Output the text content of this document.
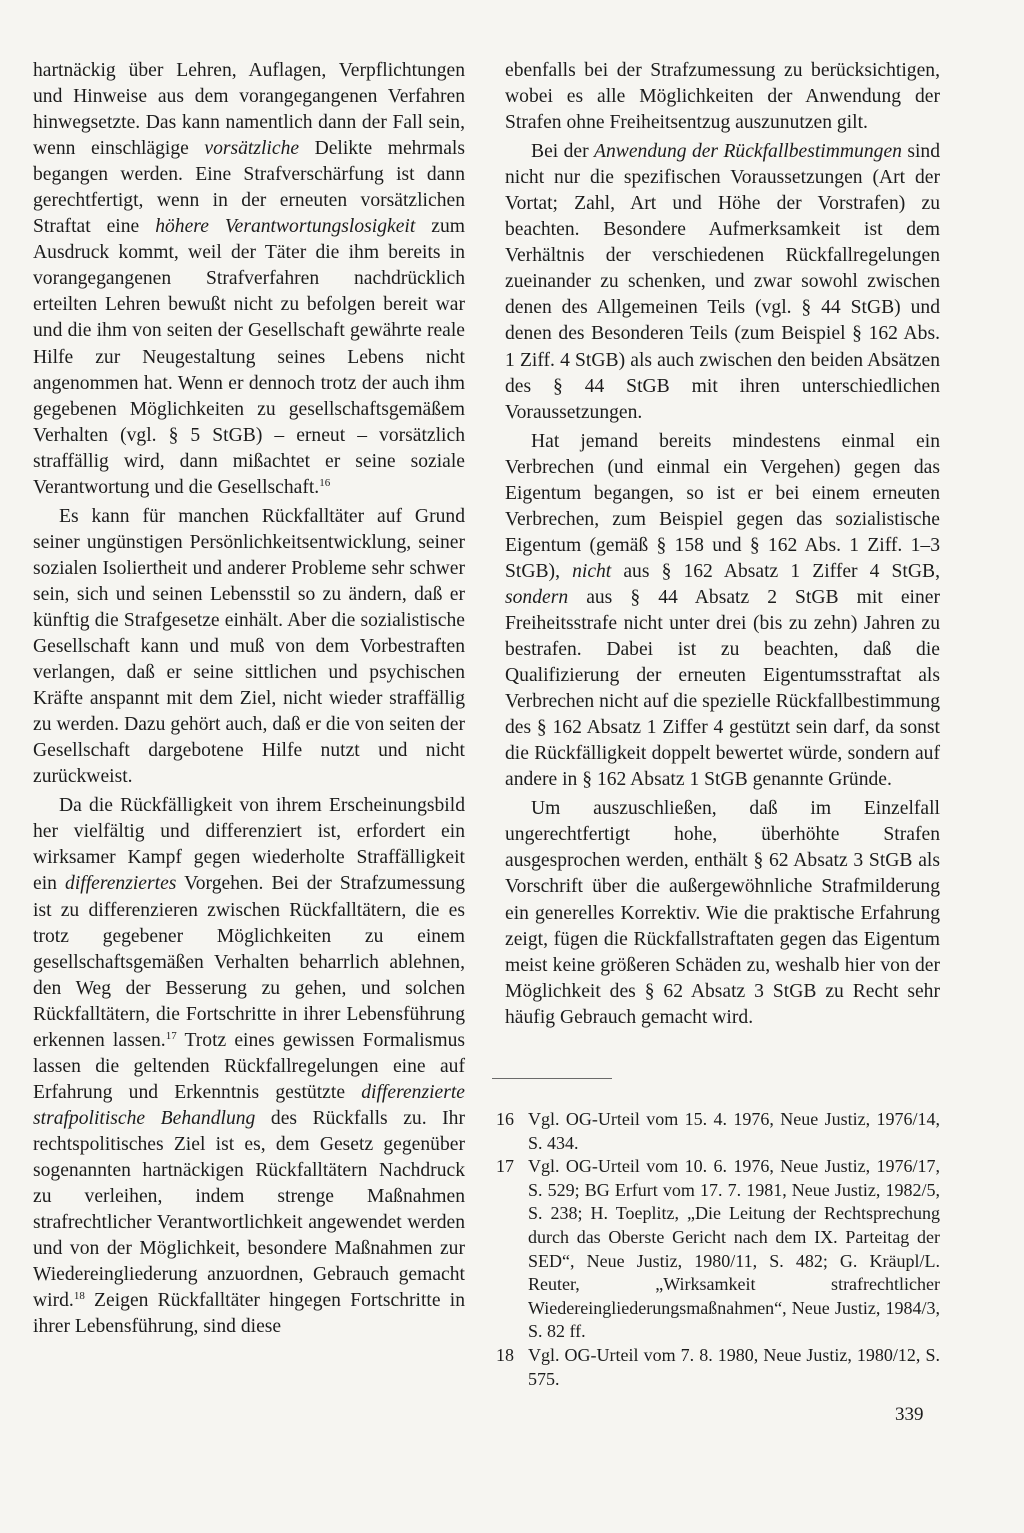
hartnäckig über Lehren, Auflagen, Verpflichtungen und Hinweise aus dem vorangegangenen Verfahren hinwegsetzte. Das kann namentlich dann der Fall sein, wenn einschlägige vorsätzliche Delikte mehrmals begangen werden. Eine Strafverschärfung ist dann gerechtfertigt, wenn in der erneuten vorsätzlichen Straftat eine höhere Verantwortungslosigkeit zum Ausdruck kommt, weil der Täter die ihm bereits in vorangegangenen Strafverfahren nachdrücklich erteilten Lehren bewußt nicht zu befolgen bereit war und die ihm von seiten der Gesellschaft gewährte reale Hilfe zur Neugestaltung seines Lebens nicht angenommen hat. Wenn er dennoch trotz der auch ihm gegebenen Möglichkeiten zu gesellschaftsgemäßem Verhalten (vgl. § 5 StGB) – erneut – vorsätzlich straffällig wird, dann mißachtet er seine soziale Verantwortung und die Gesellschaft.$^{16}$

Es kann für manchen Rückfalltäter auf Grund seiner ungünstigen Persönlichkeitsentwicklung, seiner sozialen Isoliertheit und anderer Probleme sehr schwer sein, sich und seinen Lebensstil so zu ändern, daß er künftig die Strafgesetze einhält. Aber die sozialistische Gesellschaft kann und muß von dem Vorbestraften verlangen, daß er seine sittlichen und psychischen Kräfte anspannt mit dem Ziel, nicht wieder straffällig zu werden. Dazu gehört auch, daß er die von seiten der Gesellschaft dargebotene Hilfe nutzt und nicht zurückweist.

Da die Rückfälligkeit von ihrem Erscheinungsbild her vielfältig und differenziert ist, erfordert ein wirksamer Kampf gegen wiederholte Straffälligkeit ein differenziertes Vorgehen. Bei der Strafzumessung ist zu differenzieren zwischen Rückfalltätern, die es trotz gegebener Möglichkeiten zu einem gesellschaftsgemäßen Verhalten beharrlich ablehnen, den Weg der Besserung zu gehen, und solchen Rückfalltätern, die Fortschritte in ihrer Lebensführung erkennen lassen.$^{17}$ Trotz eines gewissen Formalismus lassen die geltenden Rückfallregelungen eine auf Erfahrung und Erkenntnis gestützte differenzierte strafpolitische Behandlung des Rückfalls zu. Ihr rechtspolitisches Ziel ist es, dem Gesetz gegenüber sogenannten hartnäckigen Rückfalltätern Nachdruck zu verleihen, indem strenge Maßnahmen strafrechtlicher Verantwortlichkeit angewendet werden und von der Möglichkeit, besondere Maßnahmen zur Wiedereingliederung anzuordnen, Gebrauch gemacht wird.$^{18}$ Zeigen Rückfalltäter hingegen Fortschritte in ihrer Lebensführung, sind diese

ebenfalls bei der Strafzumessung zu berücksichtigen, wobei es alle Möglichkeiten der Anwendung der Strafen ohne Freiheitsentzug auszunutzen gilt.

Bei der Anwendung der Rückfallbestimmungen sind nicht nur die spezifischen Voraussetzungen (Art der Vortat; Zahl, Art und Höhe der Vorstrafen) zu beachten. Besondere Aufmerksamkeit ist dem Verhältnis der verschiedenen Rückfallregelungen zueinander zu schenken, und zwar sowohl zwischen denen des Allgemeinen Teils (vgl. § 44 StGB) und denen des Besonderen Teils (zum Beispiel § 162 Abs. 1 Ziff. 4 StGB) als auch zwischen den beiden Absätzen des § 44 StGB mit ihren unterschiedlichen Voraussetzungen.

Hat jemand bereits mindestens einmal ein Verbrechen (und einmal ein Vergehen) gegen das Eigentum begangen, so ist er bei einem erneuten Verbrechen, zum Beispiel gegen das sozialistische Eigentum (gemäß § 158 und § 162 Abs. 1 Ziff. 1–3 StGB), nicht aus § 162 Absatz 1 Ziffer 4 StGB, sondern aus § 44 Absatz 2 StGB mit einer Freiheitsstrafe nicht unter drei (bis zu zehn) Jahren zu bestrafen. Dabei ist zu beachten, daß die Qualifizierung der erneuten Eigentumsstraftat als Verbrechen nicht auf die spezielle Rückfallbestimmung des § 162 Absatz 1 Ziffer 4 gestützt sein darf, da sonst die Rückfälligkeit doppelt bewertet würde, sondern auf andere in § 162 Absatz 1 StGB genannte Gründe.

Um auszuschließen, daß im Einzelfall ungerechtfertigt hohe, überhöhte Strafen ausgesprochen werden, enthält § 62 Absatz 3 StGB als Vorschrift über die außergewöhnliche Strafmilderung ein generelles Korrektiv. Wie die praktische Erfahrung zeigt, fügen die Rückfallstraftaten gegen das Eigentum meist keine größeren Schäden zu, weshalb hier von der Möglichkeit des § 62 Absatz 3 StGB zu Recht sehr häufig Gebrauch gemacht wird.

16 Vgl. OG-Urteil vom 15. 4. 1976, Neue Justiz, 1976/14, S. 434.
17 Vgl. OG-Urteil vom 10. 6. 1976, Neue Justiz, 1976/17, S. 529; BG Erfurt vom 17. 7. 1981, Neue Justiz, 1982/5, S. 238; H. Toeplitz, „Die Leitung der Rechtsprechung durch das Oberste Gericht nach dem IX. Parteitag der SED“, Neue Justiz, 1980/11, S. 482; G. Kräupl/L. Reuter, „Wirksamkeit strafrechtlicher Wiedereingliederungsmaßnahmen“, Neue Justiz, 1984/3, S. 82 ff.
18 Vgl. OG-Urteil vom 7. 8. 1980, Neue Justiz, 1980/12, S. 575.
339
